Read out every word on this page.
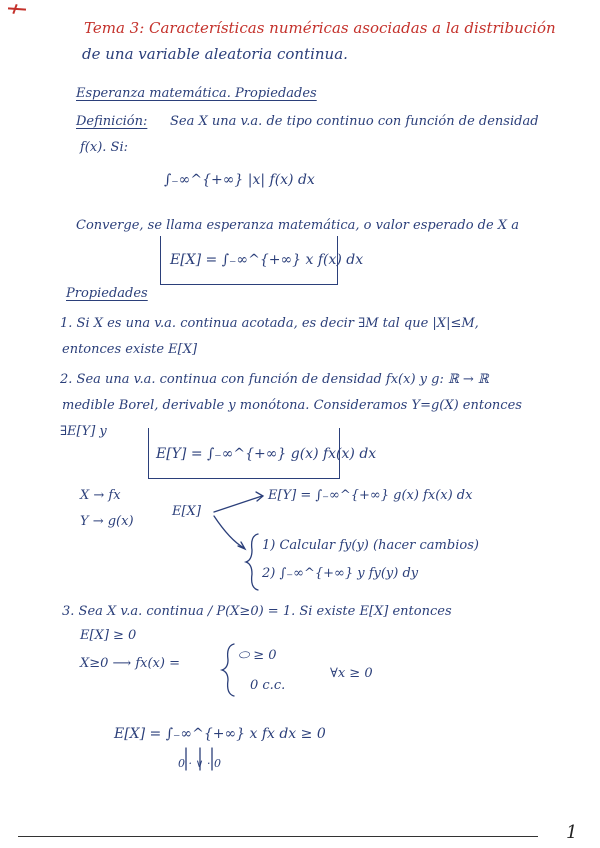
Tema 3: Características numéricas asociadas a la distribución
de una variable aleatoria continua.
Esperanza matemática. Propiedades
Definición: Sea X una v.a. de tipo continuo con función de densidad
f(x). Si:
∫₋∞^{+∞} |x| f(x) dx
Converge, se llama esperanza matemática, o valor esperado de X a
E[X] = ∫₋∞^{+∞} x f(x) dx
Propiedades
1. Si X es una v.a. continua acotada, es decir ∃M tal que |X|≤M,
entonces existe E[X]
2. Sea una v.a. continua con función de densidad fx(x) y g: ℝ → ℝ
medible Borel, derivable y monótona. Consideramos Y=g(X) entonces
∃E[Y] y
E[Y] = ∫₋∞^{+∞} g(x) fx(x) dx
X → fx
Y → g(x)
E[X]
E[Y] = ∫₋∞^{+∞} g(x) fx(x) dx
1) Calcular fy(y) (hacer cambios)
2) ∫₋∞^{+∞} y fy(y) dy
3. Sea X v.a. continua / P(X≥0) = 1. Si existe E[X] entonces
E[X] ≥ 0
X≥0 ⟶ fx(x) =
⬭ ≥ 0
0 c.c.
∀x ≥ 0
E[X] = ∫₋∞^{+∞} x fx dx ≥ 0
0 · ∨ · 0
1
